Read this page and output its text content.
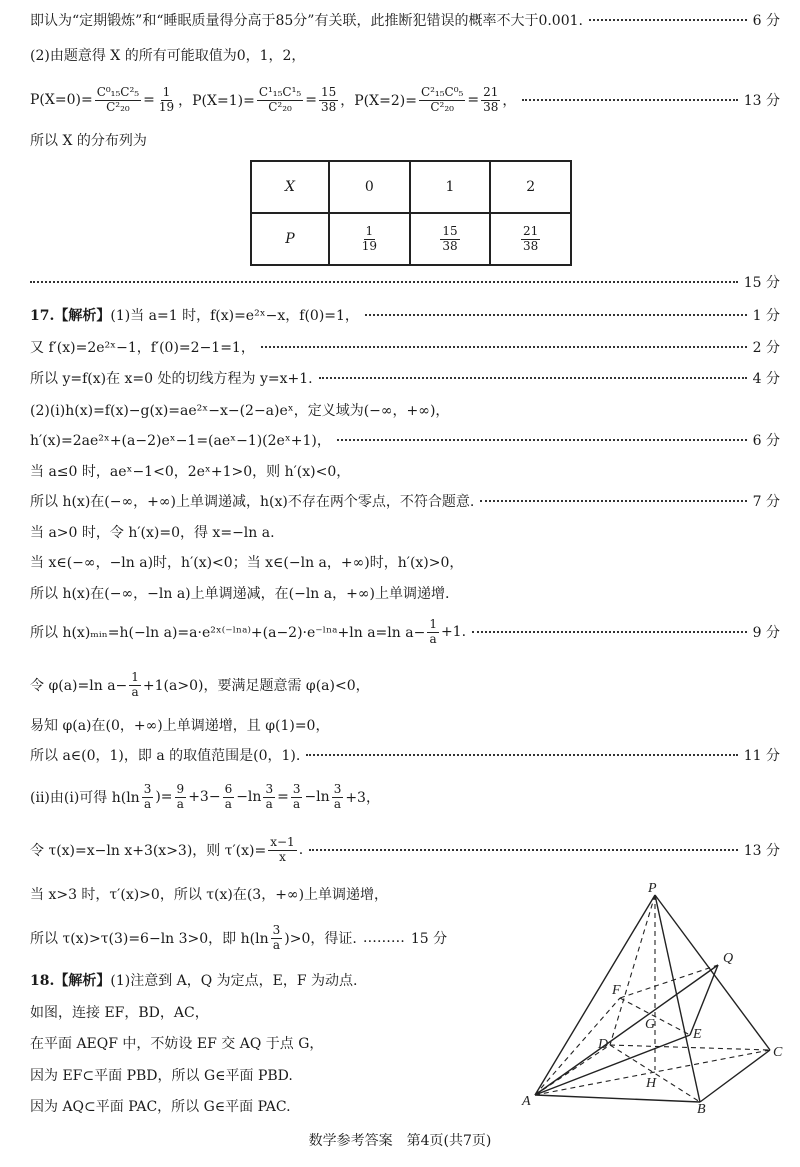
即认为“定期锻炼”和“睡眠质量得分高于85分”有关联，此推断犯错误的概率不大于0.001.	6 分
(2)由题意得 X 的所有可能取值为0，1，2，
$P(X=0)= \frac{\text{C⁰₁₅C²₅}}{\text{C²₂₀}} = \frac{1}{19}$ ，$P(X=1)= \frac{\text{C¹₁₅C¹₅}}{\text{C²₂₀}} = \frac{15}{38}$ ，$P(X=2)= \frac{\text{C²₁₅C⁰₅}}{\text{C²₂₀}} = \frac{21}{38}$ ，	13 分
所以 X 的分布列为
X	0	1	2
P	$\frac{1}{19}$	$\frac{15}{38}$	$\frac{21}{38}$
15 分
17.【解析】(1)当 a=1 时，f(x)=e²ˣ−x，f(0)=1，	1 分
又 f′(x)=2e²ˣ−1，f′(0)=2−1=1，	2 分
所以 y=f(x)在 x=0 处的切线方程为 y=x+1.	4 分
(2)(i)h(x)=f(x)−g(x)=ae²ˣ−x−(2−a)eˣ，定义域为(−∞，+∞)，
h′(x)=2ae²ˣ+(a−2)eˣ−1=(aeˣ−1)(2eˣ+1)，	6 分
当 a≤0 时，aeˣ−1<0，2eˣ+1>0，则 h′(x)<0，
所以 h(x)在(−∞，+∞)上单调递减，h(x)不存在两个零点，不符合题意.	7 分
当 a>0 时，令 h′(x)=0，得 x=−ln a.
当 x∈(−∞，−ln a)时，h′(x)<0；当 x∈(−ln a，+∞)时，h′(x)>0，
所以 h(x)在(−∞，−ln a)上单调递减，在(−ln a，+∞)上单调递增.
所以 h(x)ₘᵢₙ=h(−ln a)=a·e²ˣ⁽⁻ˡⁿᵃ⁾+(a−2)·e⁻ˡⁿᵃ+ln a=ln $a- \frac{1}{a} +1$.	9 分
令 φ(a)=ln $a- \frac{1}{a} +1(a>0)$，要满足题意需 φ(a)<0，
易知 φ(a)在(0，+∞)上单调递增，且 φ(1)=0，
所以 a∈(0，1)，即 a 的取值范围是(0，1).	11 分
(ii)由(i)可得 $h(\ln \frac{3}{a}$ )= $\frac{9}{a} +3- \frac{6}{a} -\ln \frac{3}{a} = \frac{3}{a} -\ln \frac{3}{a} +3$，
令 τ(x)=x−ln x+3(x>3)，则 $\tau'(x)= \frac{x-1}{x}$ .	13 分
当 x>3 时，τ′(x)>0，所以 τ(x)在(3，+∞)上单调递增，
所以 τ(x)>τ(3)=6−ln 3>0，即 $h(\ln \frac{3}{a} )>0$，得证. ……… 15 分
18.【解析】(1)注意到 A，Q 为定点，E，F 为动点.
如图，连接 EF，BD，AC，
在平面 AEQF 中，不妨设 EF 交 AQ 于点 G，
因为 EF⊂平面 PBD，所以 G∈平面 PBD.
因为 AQ⊂平面 PAC，所以 G∈平面 PAC.
P
Q
F
G
D
E
C
H
A
B
数学参考答案　第4页(共7页)
